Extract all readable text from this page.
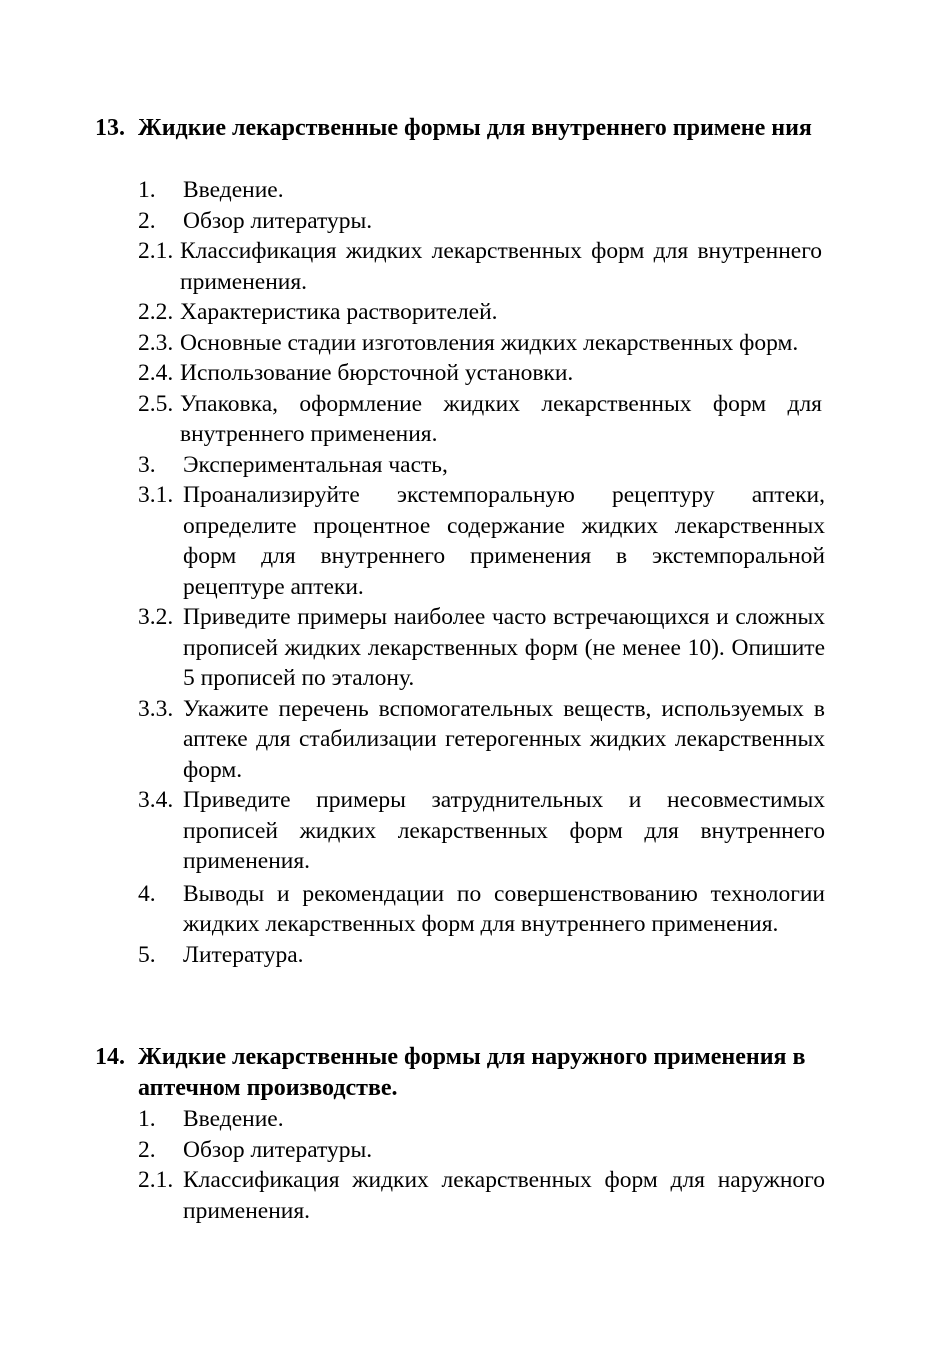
13. Жидкие лекарственные формы для внутреннего примене ния
1. Введение.
2. Обзор литературы.
2.1. Классификация жидких лекарственных форм для внутреннего применения.
2.2. Характеристика растворителей.
2.3. Основные стадии изготовления жидких лекарственных форм.
2.4. Использование бюрсточной установки.
2.5. Упаковка, оформление жидких лекарственных форм для внутреннего применения.
3. Экспериментальная часть,
3.1. Проанализируйте экстемпоральную рецептуру аптеки, определите процентное содержание жидких лекарственных форм для внутреннего применения в экстемпоральной рецептуре аптеки.
3.2. Приведите примеры наиболее часто встречающихся и сложных прописей жидких лекарственных форм (не менее 10). Опишите 5 прописей по эталону.
3.3. Укажите перечень вспомогательных веществ, используемых в аптеке для стабилизации гетерогенных жидких лекарственных форм.
3.4. Приведите примеры затруднительных и несовместимых прописей жидких лекарственных форм для внутреннего применения.
4. Выводы и рекомендации по совершенствованию технологии жидких лекарственных форм для внутреннего применения.
5. Литература.
14. Жидкие лекарственные формы для наружного применения в аптечном производстве.
1. Введение.
2. Обзор литературы.
2.1. Классификация жидких лекарственных форм для наружного применения.
